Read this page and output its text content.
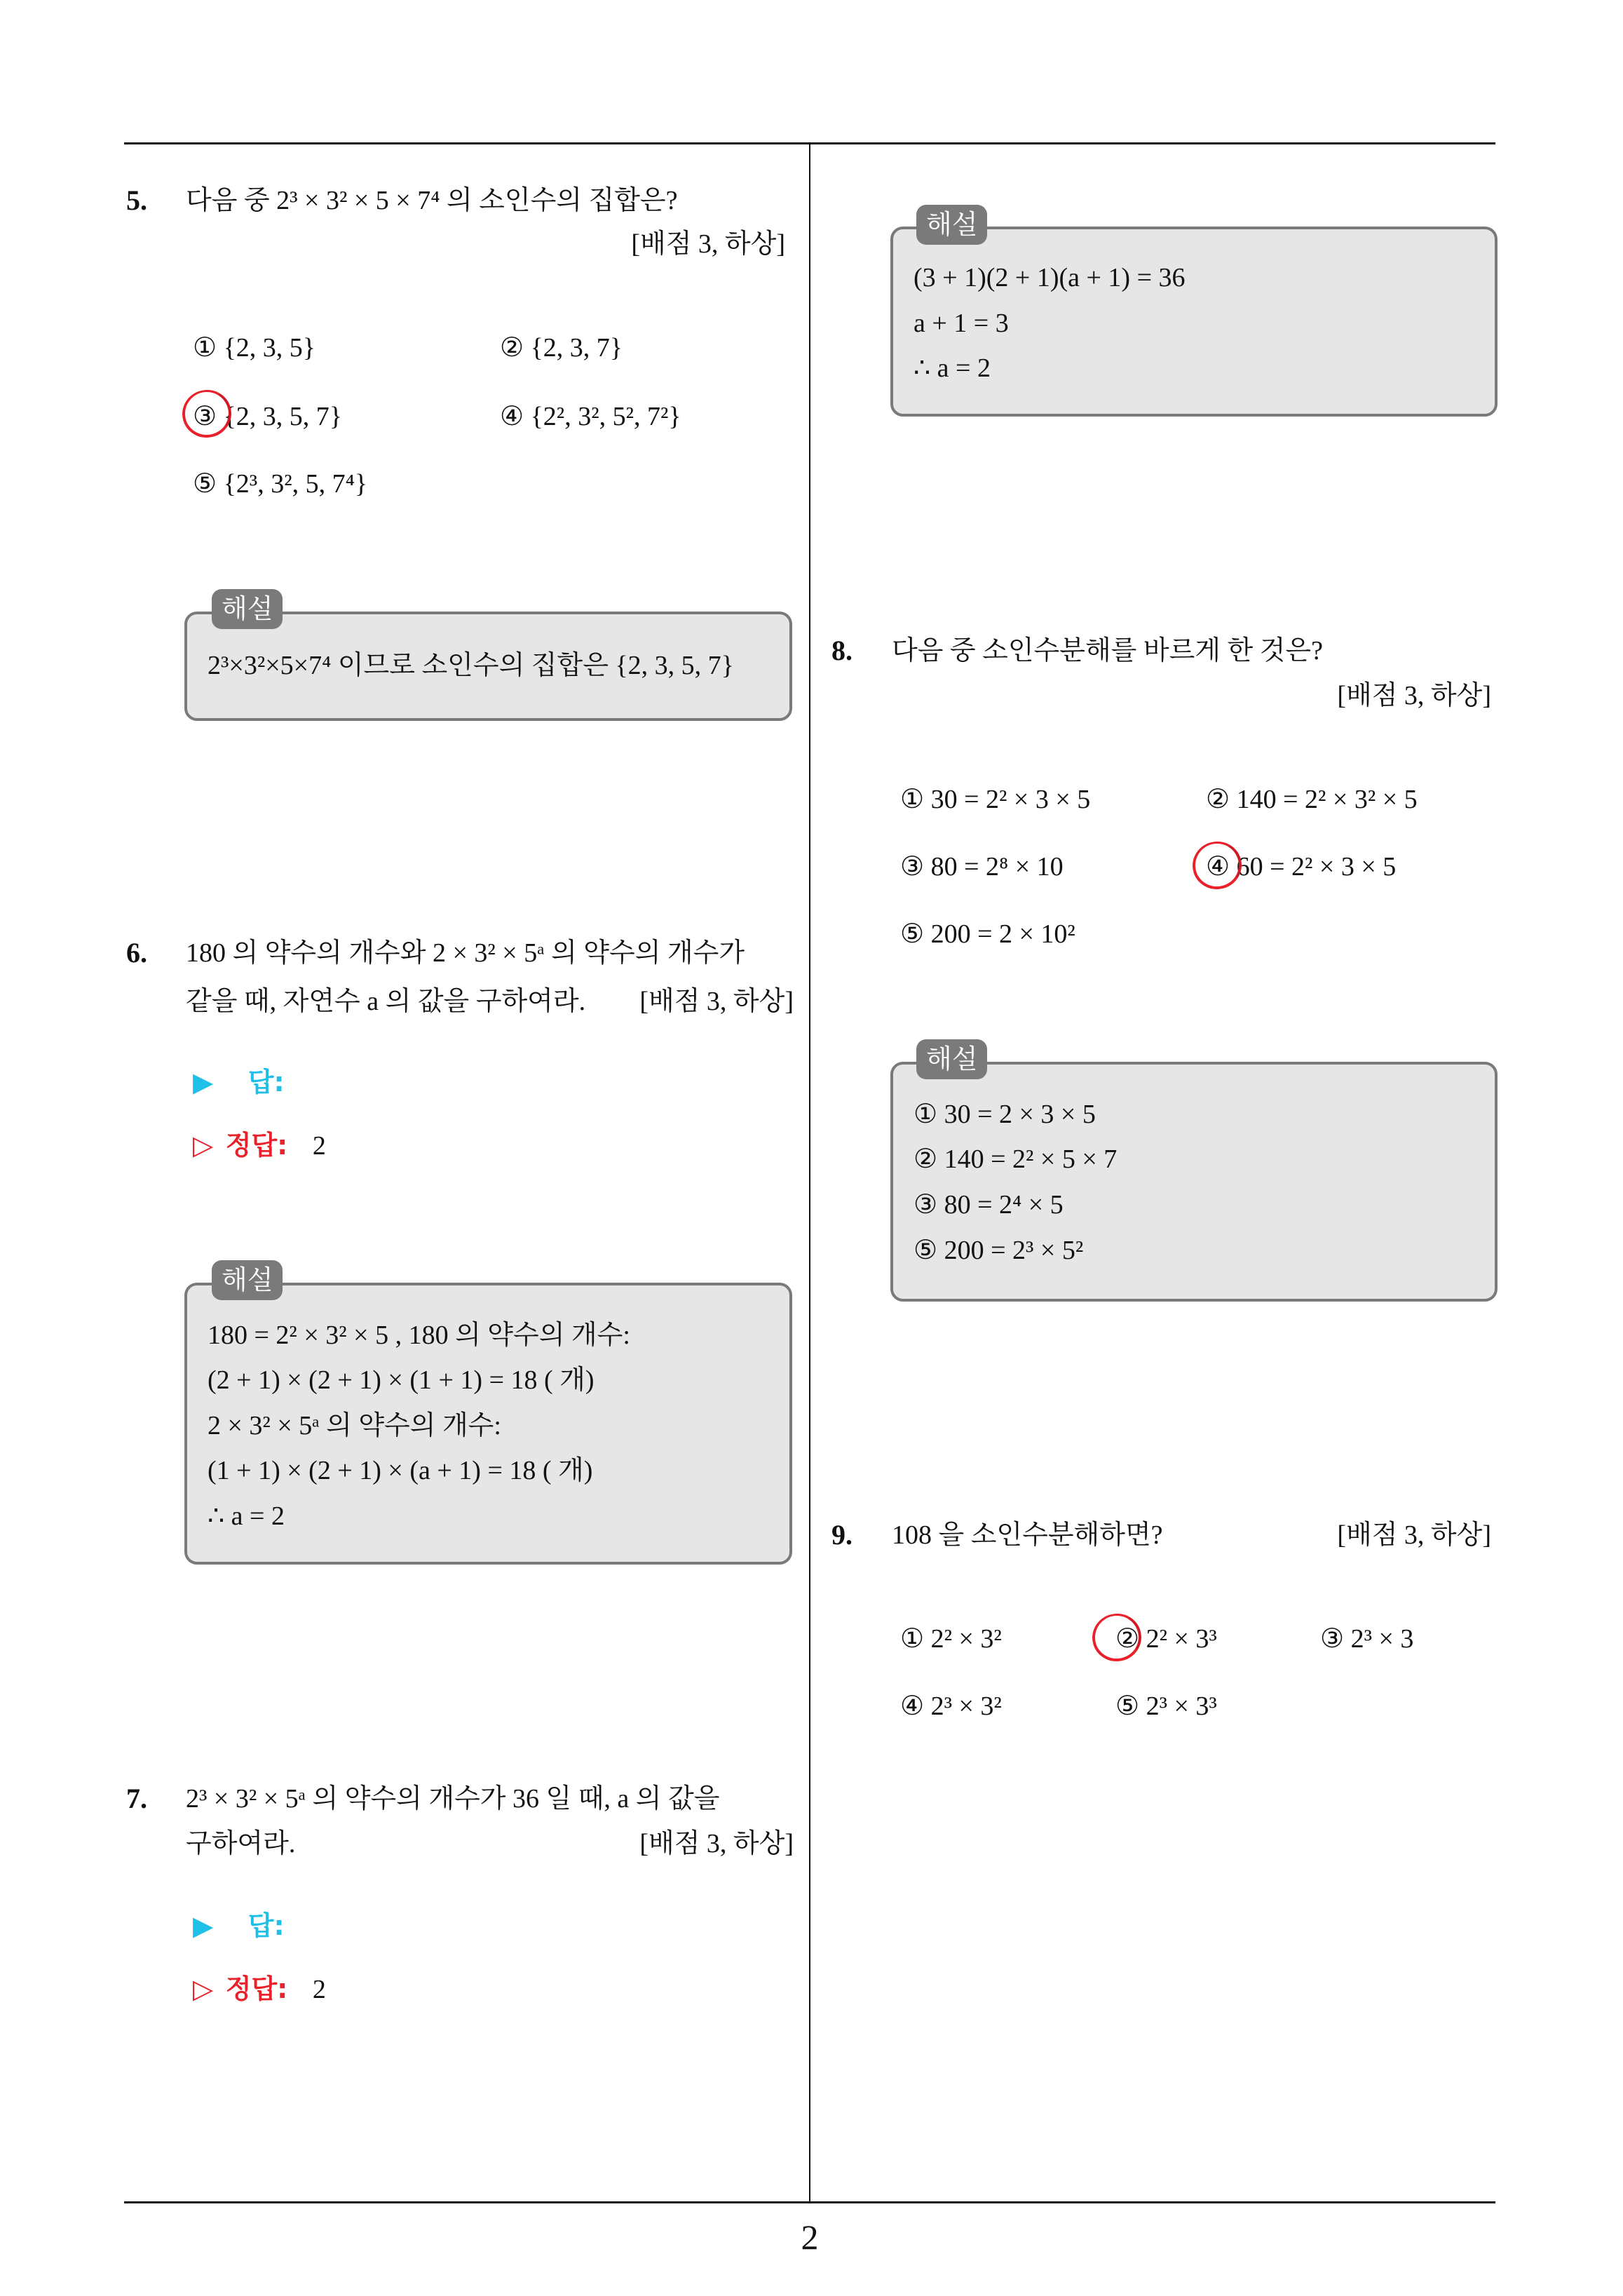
5. 다음 중 2³ × 3² × 5 × 7⁴ 의 소인수의 집합은?
[배점 3, 하상]
① {2, 3, 5}	② {2, 3, 7}
③ {2, 3, 5, 7}	④ {2², 3², 5², 7²}
⑤ {2³, 3², 5, 7⁴}
해설
2³×3²×5×7⁴ 이므로 소인수의 집합은 {2, 3, 5, 7}
6. 180 의 약수의 개수와 2 × 3² × 5ᵃ 의 약수의 개수가
같을 때, 자연수 a 의 값을 구하여라. [배점 3, 하상]
▶ 답:
▷ 정답: 2
해설
180 = 2² × 3² × 5 , 180 의 약수의 개수:
(2 + 1) × (2 + 1) × (1 + 1) = 18 ( 개)
2 × 3² × 5ᵃ 의 약수의 개수:
(1 + 1) × (2 + 1) × (a + 1) = 18 ( 개)
∴ a = 2
7. 2³ × 3² × 5ᵃ 의 약수의 개수가 36 일 때, a 의 값을
구하여라.	[배점 3, 하상]
▶ 답:
▷ 정답: 2
해설
(3 + 1)(2 + 1)(a + 1) = 36
a + 1 = 3
∴ a = 2
8. 다음 중 소인수분해를 바르게 한 것은?
[배점 3, 하상]
① 30 = 2² × 3 × 5	② 140 = 2² × 3² × 5
③ 80 = 2⁸ × 10	④ 60 = 2² × 3 × 5
⑤ 200 = 2 × 10²
해설
① 30 = 2 × 3 × 5
② 140 = 2² × 5 × 7
③ 80 = 2⁴ × 5
⑤ 200 = 2³ × 5²
9. 108 을 소인수분해하면?	[배점 3, 하상]
① 2² × 3²	② 2² × 3³	③ 2³ × 3
④ 2³ × 3²	⑤ 2³ × 3³
2
